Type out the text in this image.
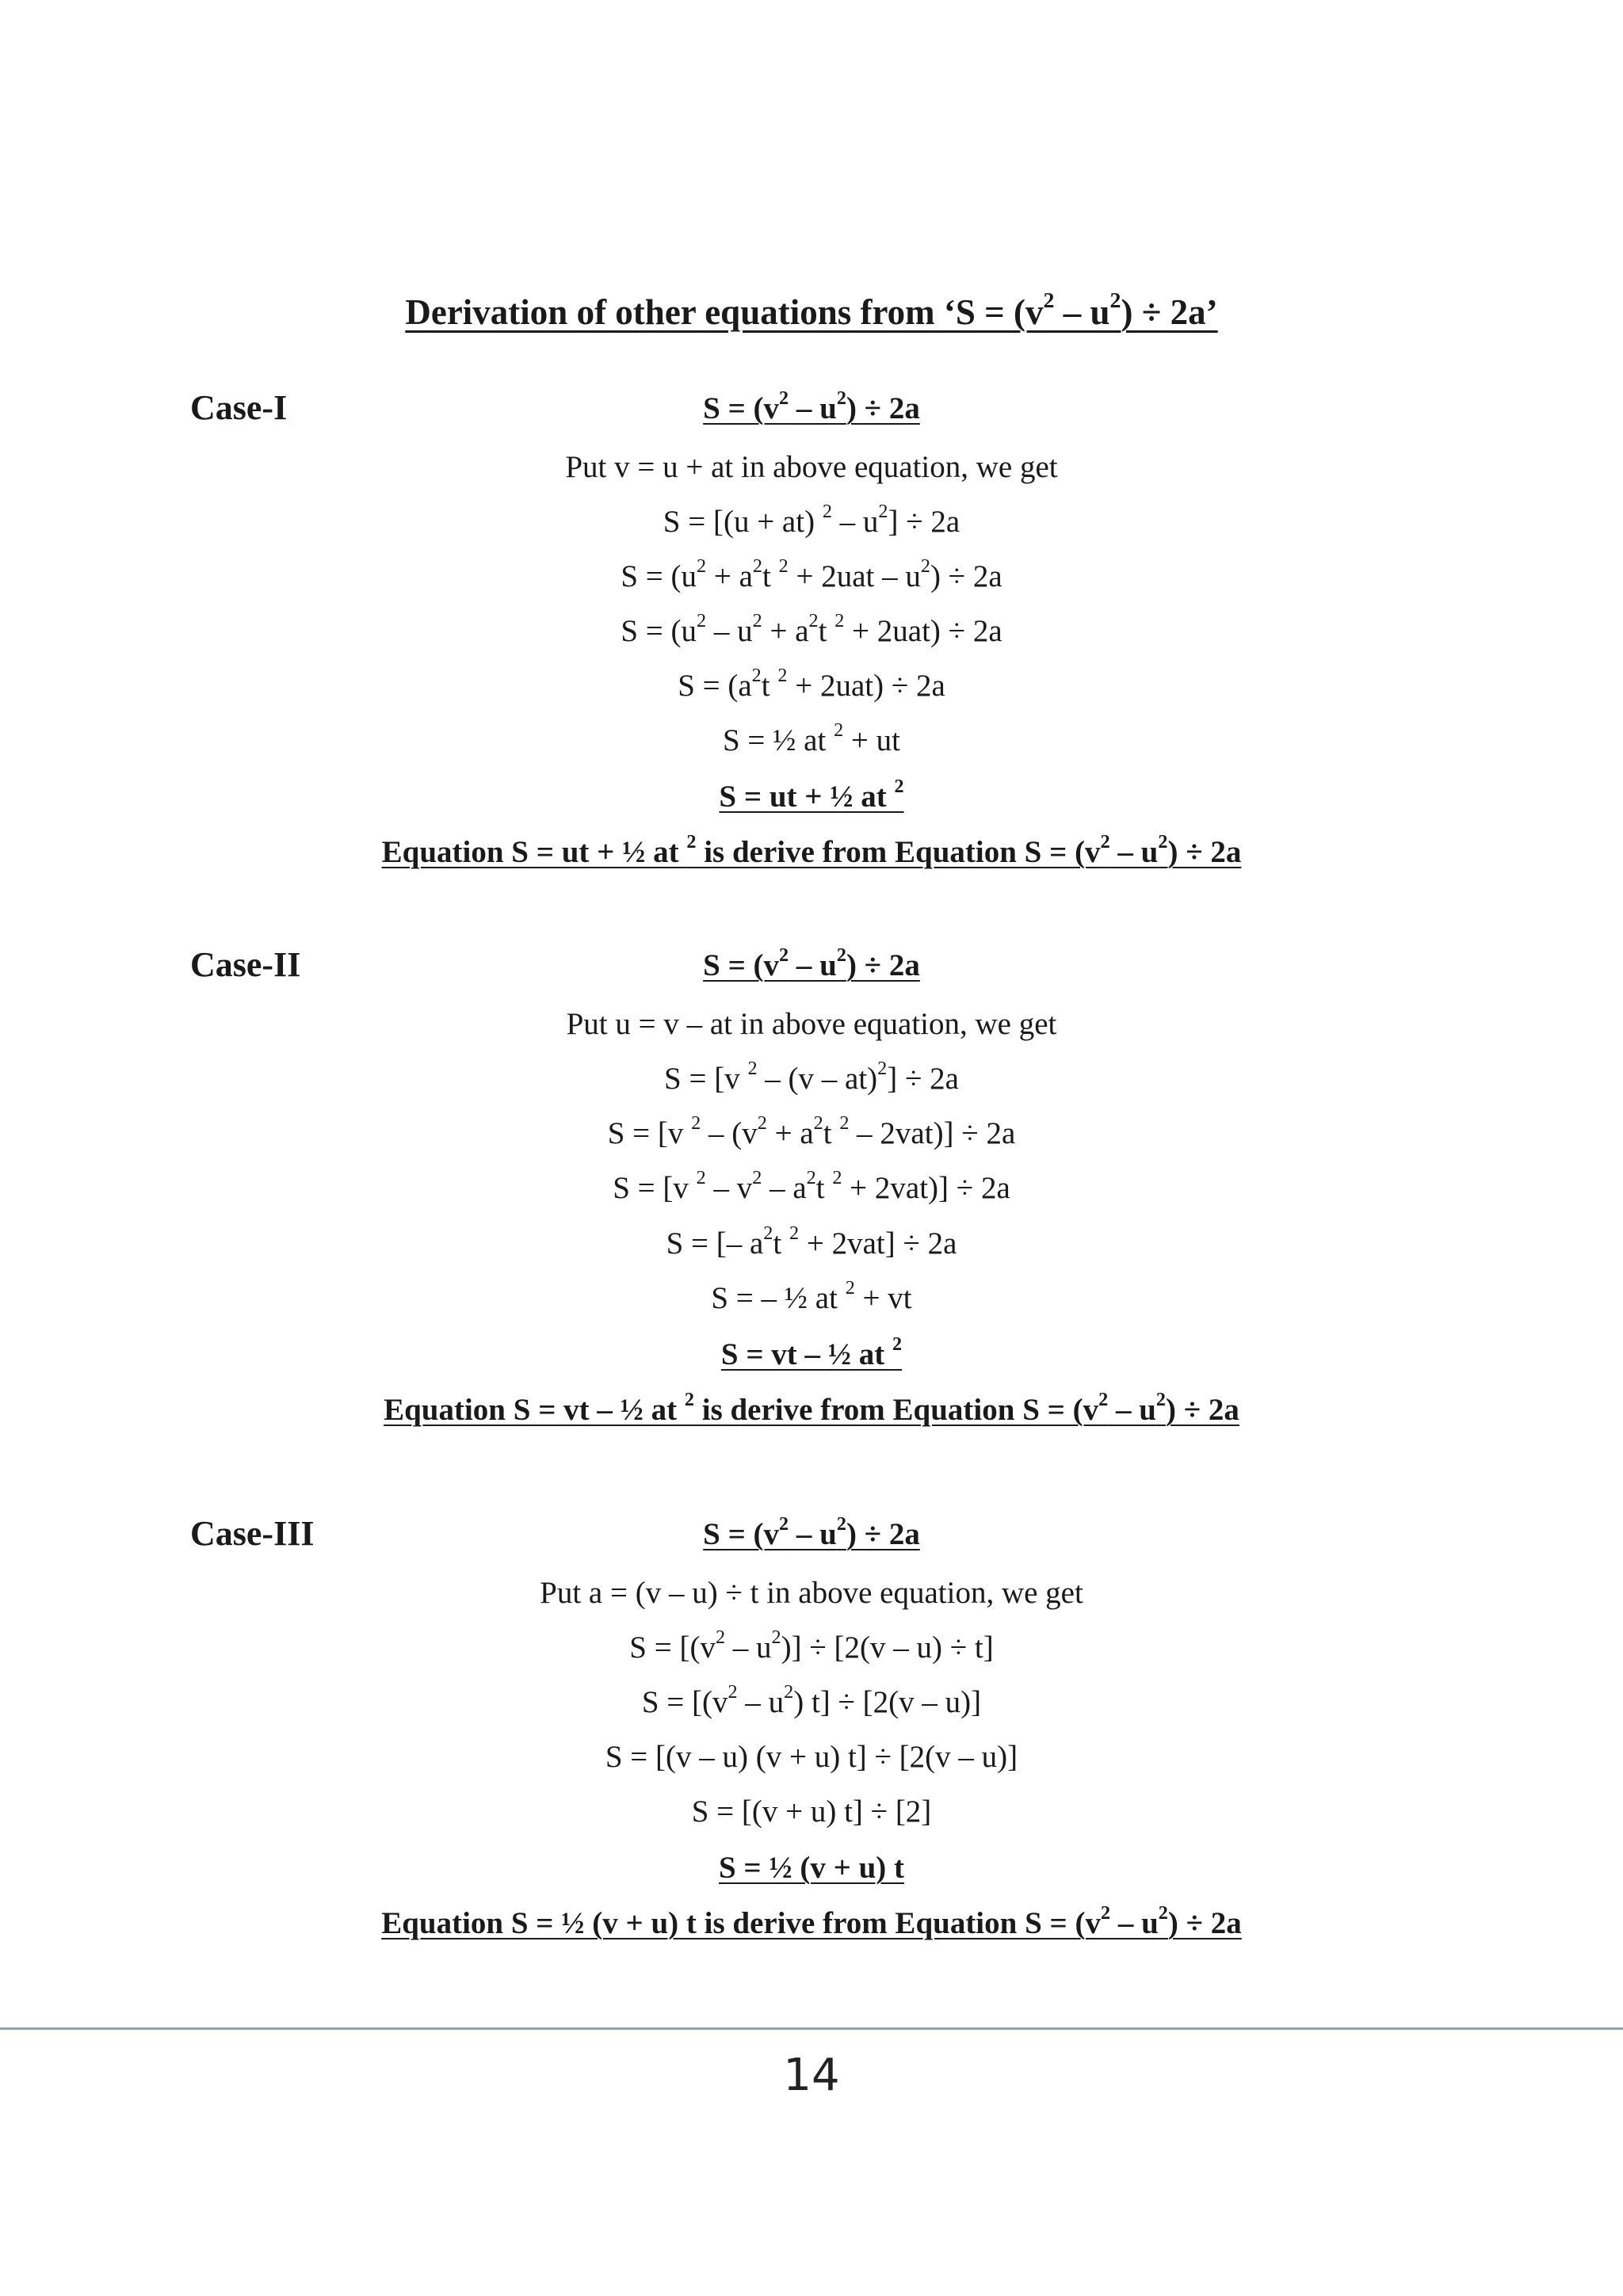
Derivation of other equations from ‘$S = (v^2 - u^2) \div 2a$’
Case-I	$S = (v^2 - u^2) \div 2a$
Put v = u + at in above equation, we get
S = [(u + at) $^2 - u^2] \div 2a$
$S = (u^2 + a^2t$ $^2 + 2uat - u^2) \div 2a$
$S = (u^2 - u^2 + a^2t$ $^2$ + 2uat) ÷ 2a
$S = (a^2t$ $^2$ + 2uat) ÷ 2a
S = ½ at $^2$ + ut
S = ut + ½ at $^2$
Equation S = ut + ½ at $^2$ is derive from Equation $S = (v^2 - u^2) \div 2a$
Case-II	$S = (v^2 - u^2) \div 2a$
Put u = v – at in above equation, we get
S = [v $^2$ – (v – at)$^2$] ÷ 2a
S = [v $^2 - (v^2 + a^2t$ $^2$ – 2vat)] ÷ 2a
S = [v $^2 - v^2 - a^2t$ $^2$ + 2vat)] ÷ 2a
S = [– $a^2t$ $^2$ + 2vat] ÷ 2a
S = – ½ at $^2$ + vt
S = vt – ½ at $^2$
Equation S = vt – ½ at $^2$ is derive from Equation $S = (v^2 - u^2) \div 2a$
Case-III	$S = (v^2 - u^2) \div 2a$
Put a = (v – u) ÷ t in above equation, we get
$S = [(v^2 - u^2)] \div [2(v - u) \div t]$
$S = [(v^2 - u^2) t] \div [2(v - u)]$
S = [(v – u) (v + u) t] ÷ [2(v – u)]
S = [(v + u) t] ÷ [2]
S = ½ (v + u) t
Equation S = ½ (v + u) t is derive from Equation $S = (v^2 - u^2) \div 2a$
14
